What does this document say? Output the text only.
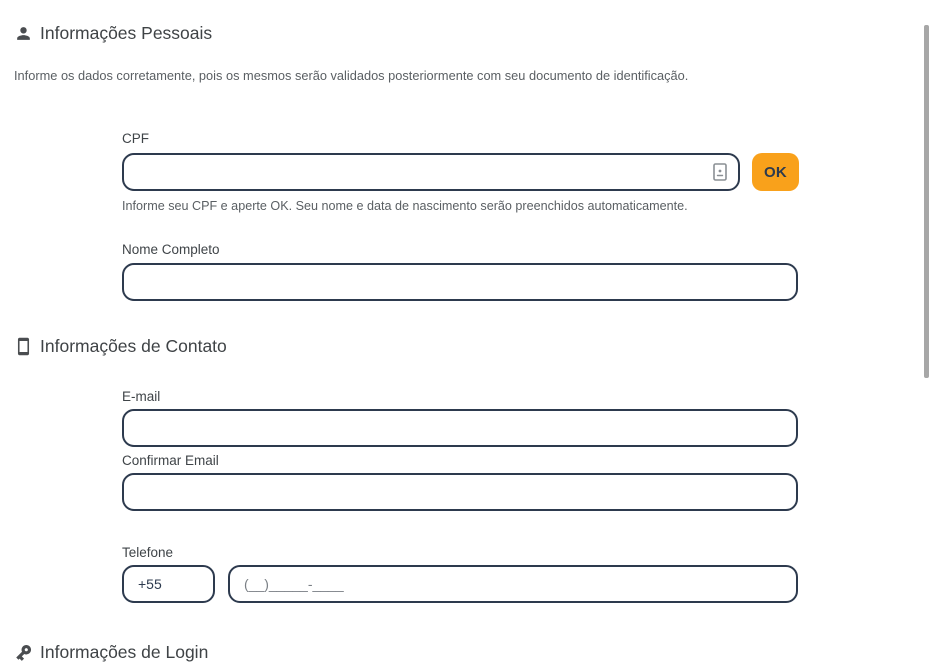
Informações Pessoais

Informe os dados corretamente, pois os mesmos serão validados posteriormente com seu documento de identificação.

CPF
OK

Informe seu CPF e aperte OK. Seu nome e data de nascimento serão preenchidos automaticamente.

Nome Completo
Informações de Contato
E-mail
Confirmar Email
Telefone
+55
(__)_____-____
Informações de Login
